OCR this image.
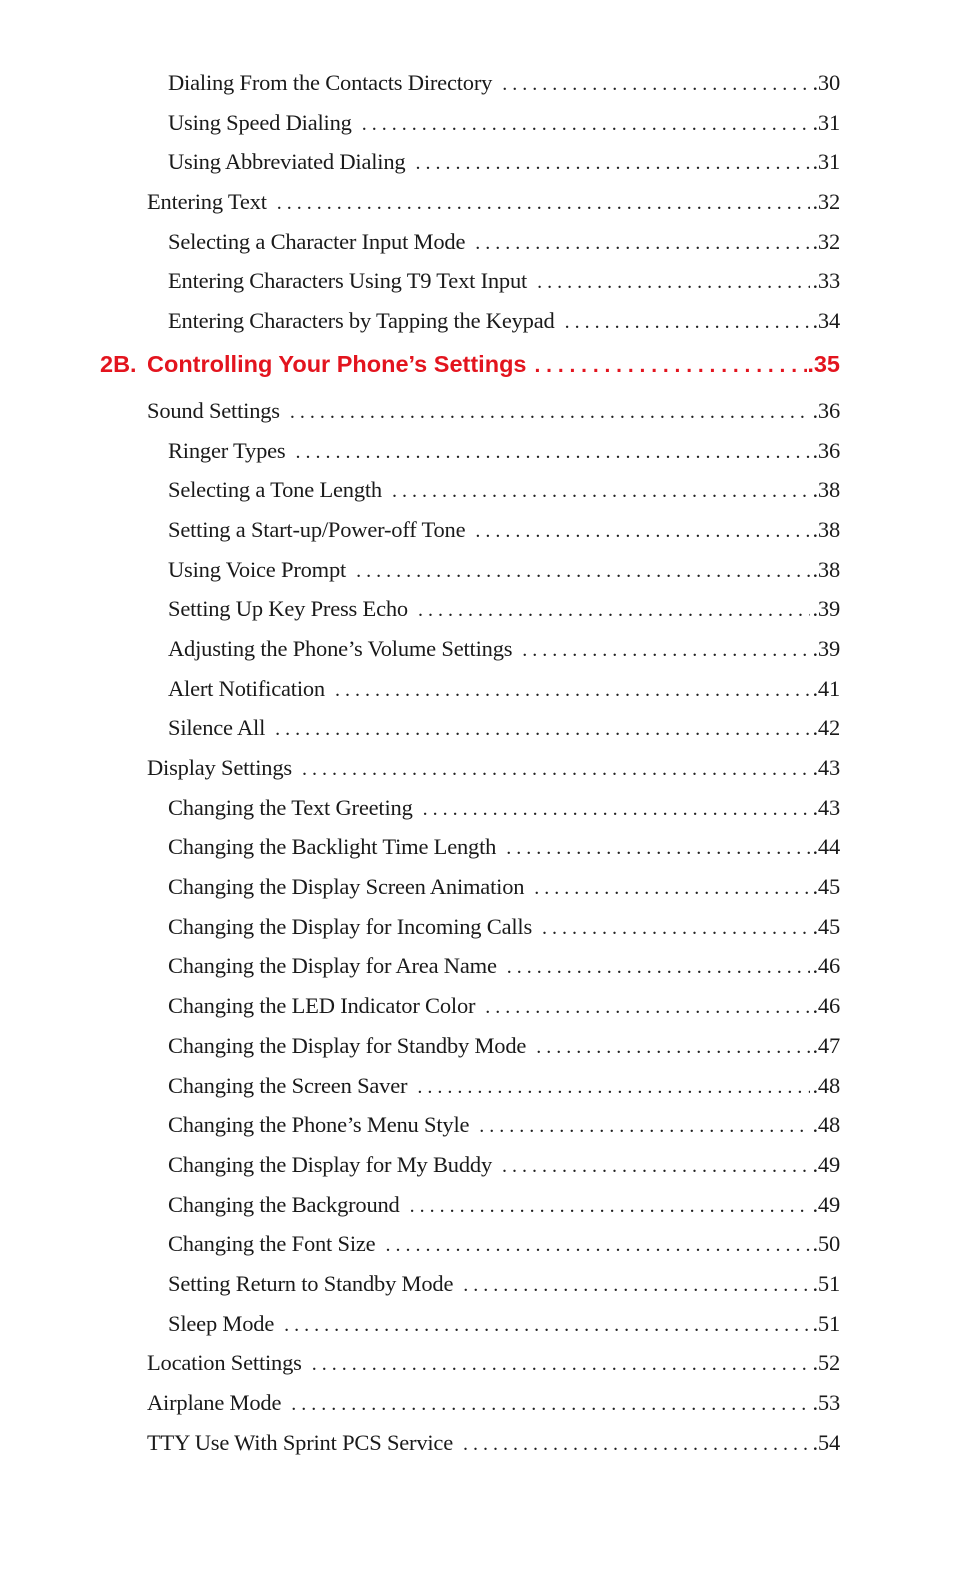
Dialing From the Contacts Directory . . .	.30
Using Speed Dialing . . .	.31
Using Abbreviated Dialing . . .	.31
Entering Text . . .	.32
Selecting a Character Input Mode . . .	.32
Entering Characters Using T9 Text Input . . .	.33
Entering Characters by Tapping the Keypad . . .	.34
2B. Controlling Your Phone’s Settings . . .	.35
Sound Settings . . .	.36
Ringer Types . . .	.36
Selecting a Tone Length . . .	.38
Setting a Start-up/Power-off Tone . . .	.38
Using Voice Prompt . . .	.38
Setting Up Key Press Echo . . .	.39
Adjusting the Phone’s Volume Settings . . .	.39
Alert Notification . . .	.41
Silence All . . .	.42
Display Settings . . .	.43
Changing the Text Greeting . . .	.43
Changing the Backlight Time Length . . .	.44
Changing the Display Screen Animation . . .	.45
Changing the Display for Incoming Calls . . .	.45
Changing the Display for Area Name . . .	.46
Changing the LED Indicator Color . . .	.46
Changing the Display for Standby Mode . . .	.47
Changing the Screen Saver . . .	.48
Changing the Phone’s Menu Style . . .	.48
Changing the Display for My Buddy . . .	.49
Changing the Background . . .	.49
Changing the Font Size . . .	.50
Setting Return to Standby Mode . . .	.51
Sleep Mode . . .	.51
Location Settings . . .	.52
Airplane Mode . . .	.53
TTY Use With Sprint PCS Service . . .	.54
